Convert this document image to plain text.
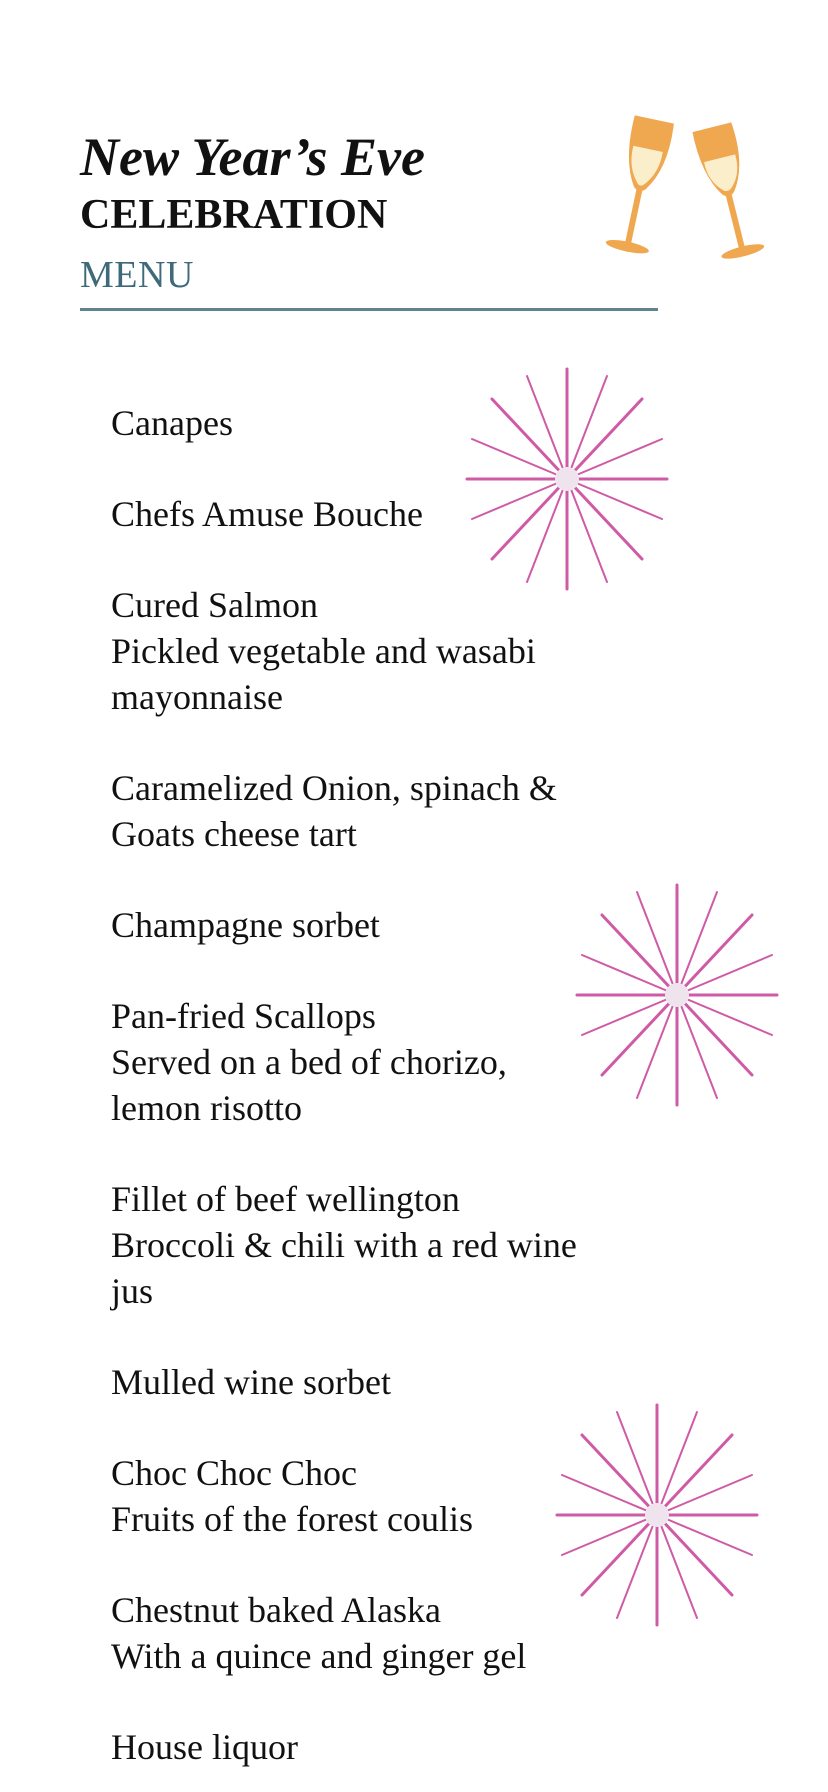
New Year’s Eve
CELEBRATION
MENU
Canapes
Chefs Amuse Bouche
Cured Salmon
Pickled vegetable and wasabi
mayonnaise
Caramelized Onion, spinach &
Goats cheese tart
Champagne sorbet
Pan-fried Scallops
Served on a bed of chorizo,
lemon risotto
Fillet of beef wellington
Broccoli & chili with a red wine
jus
Mulled wine sorbet
Choc Choc Choc
Fruits of the forest coulis
Chestnut baked Alaska
With a quince and ginger gel
House liquor
